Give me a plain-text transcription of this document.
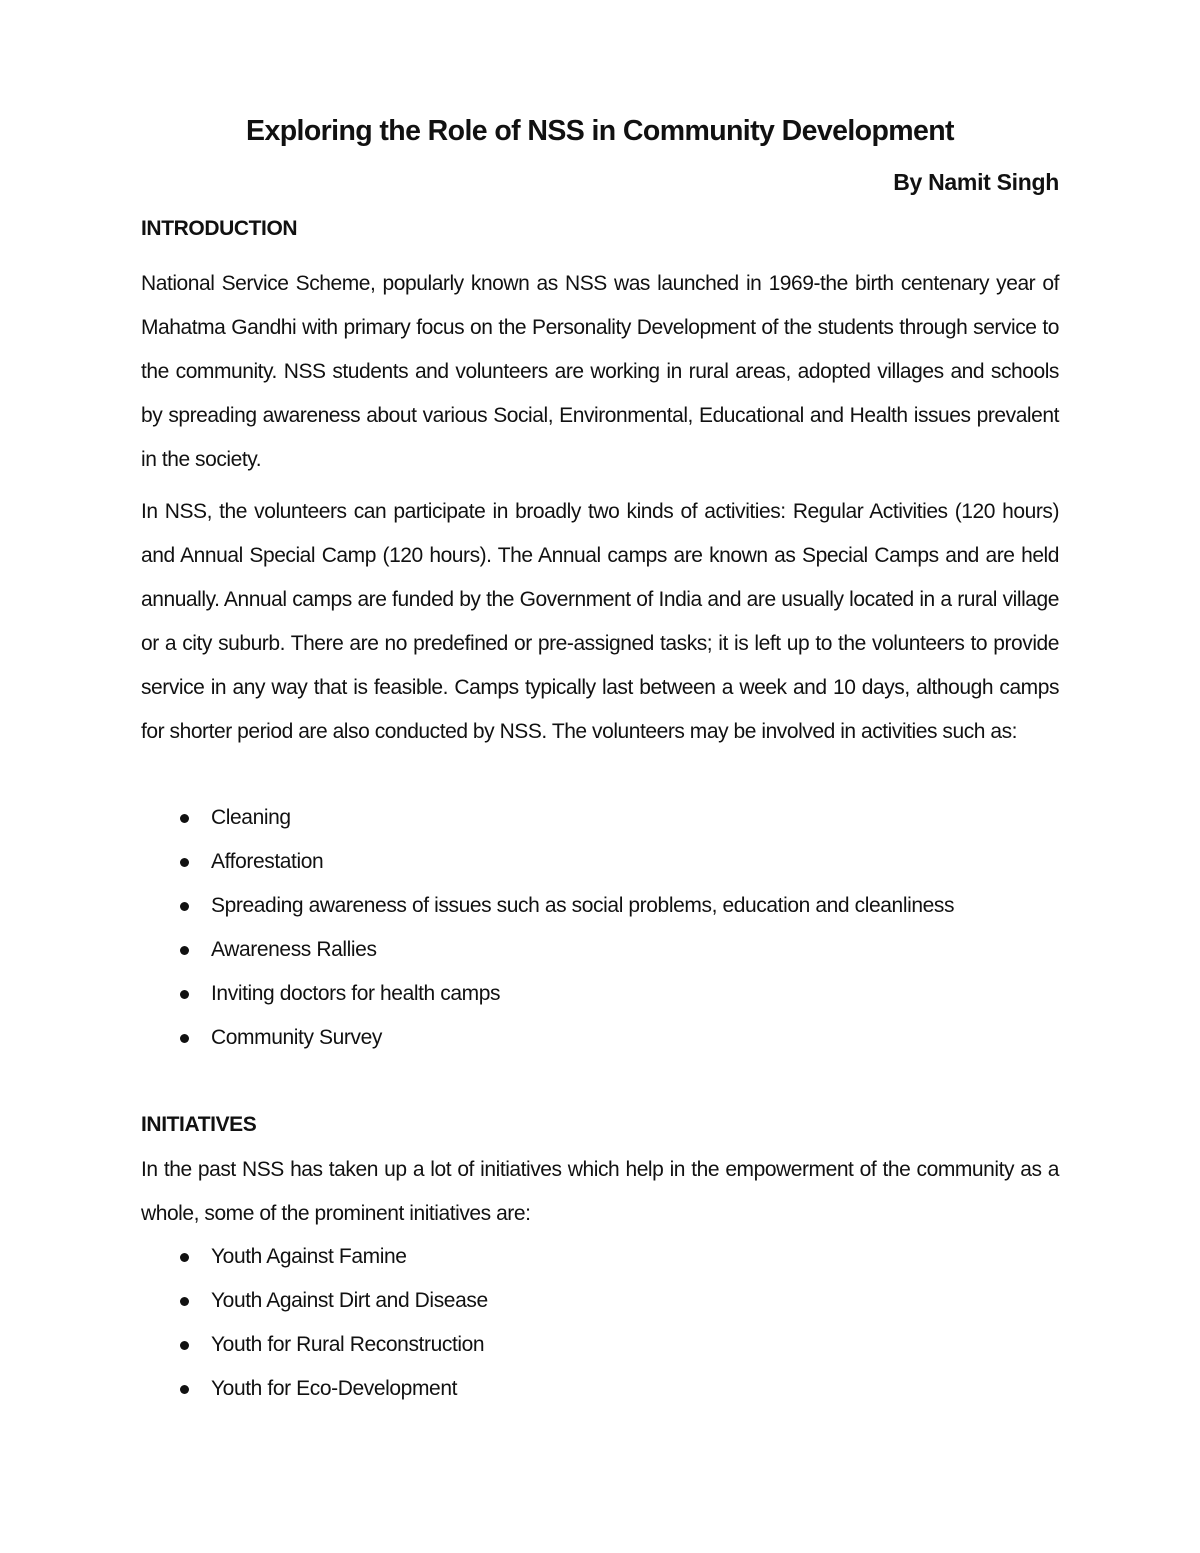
Exploring the Role of NSS in Community Development

By Namit Singh

INTRODUCTION

National Service Scheme, popularly known as NSS was launched in 1969-the birth centenary year of Mahatma Gandhi with primary focus on the Personality Development of the students through service to the community. NSS students and volunteers are working in rural areas, adopted villages and schools by spreading awareness about various Social, Environmental, Educational and Health issues prevalent in the society.

In NSS, the volunteers can participate in broadly two kinds of activities: Regular Activities (120 hours) and Annual Special Camp (120 hours). The Annual camps are known as Special Camps and are held annually. Annual camps are funded by the Government of India and are usually located in a rural village or a city suburb. There are no predefined or pre-assigned tasks; it is left up to the volunteers to provide service in any way that is feasible. Camps typically last between a week and 10 days, although camps for shorter period are also conducted by NSS. The volunteers may be involved in activities such as:

Cleaning
Afforestation
Spreading awareness of issues such as social problems, education and cleanliness
Awareness Rallies
Inviting doctors for health camps
Community Survey
INITIATIVES

In the past NSS has taken up a lot of initiatives which help in the empowerment of the community as a whole, some of the prominent initiatives are:

Youth Against Famine
Youth Against Dirt and Disease
Youth for Rural Reconstruction
Youth for Eco-Development
